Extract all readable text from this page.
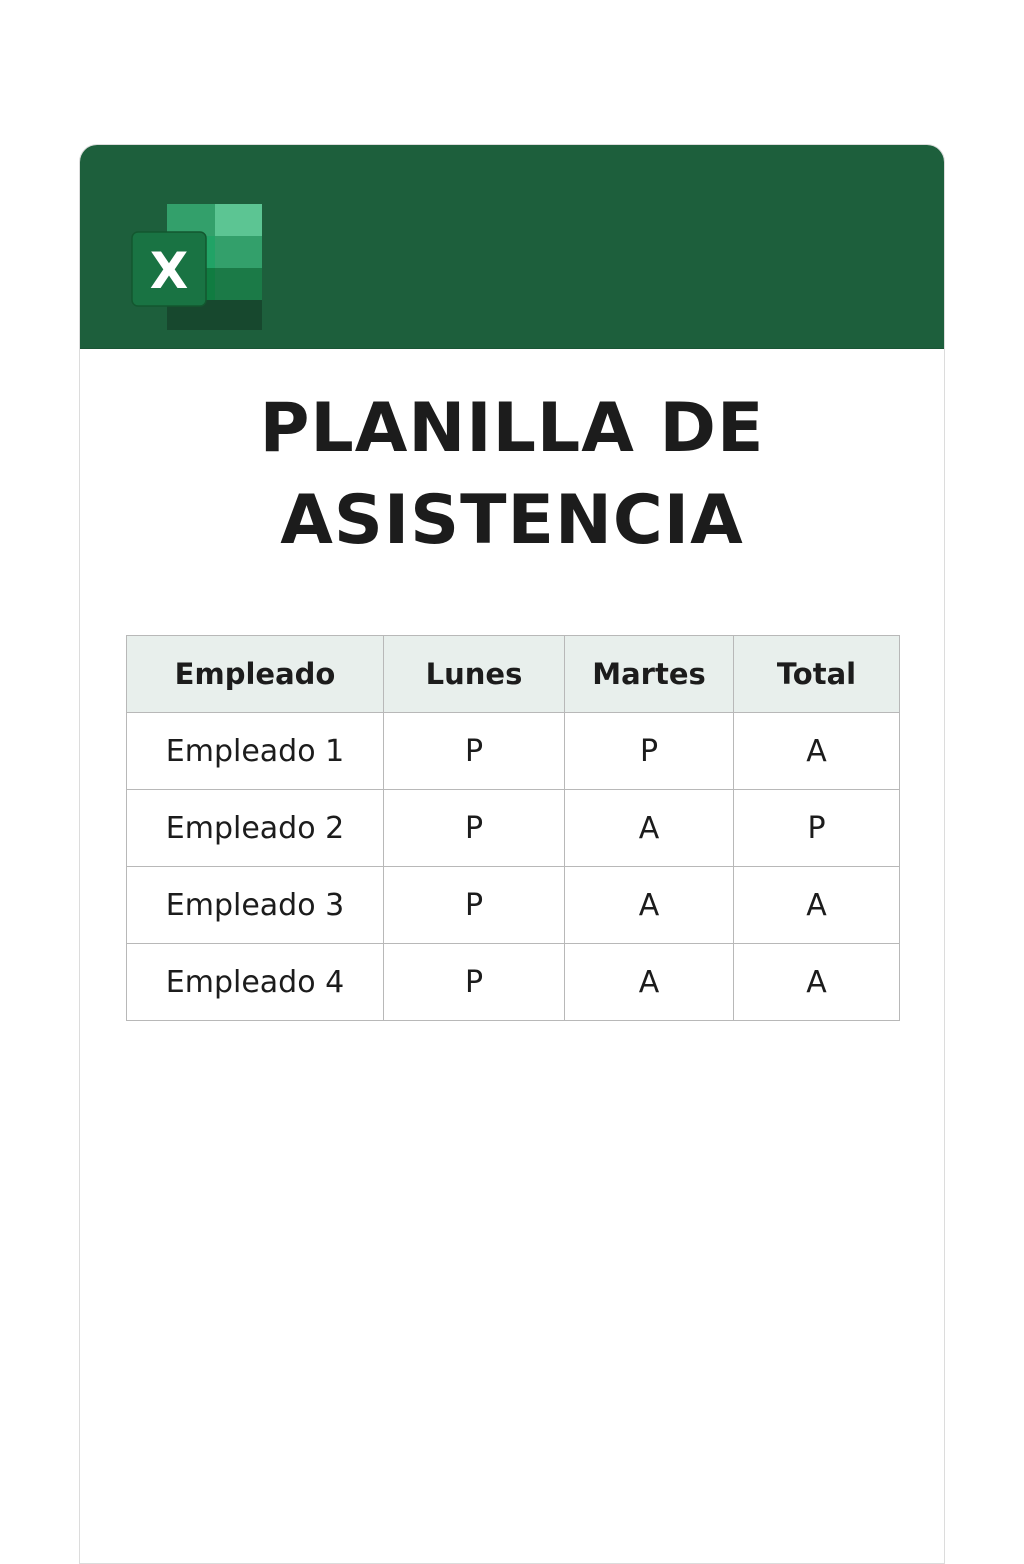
X
PLANILLA DE
ASISTENCIA
Empleado	Lunes	Martes	Total
Empleado 1	P	P	A
Empleado 2	P	A	P
Empleado 3	P	A	A
Empleado 4	P	A	A
